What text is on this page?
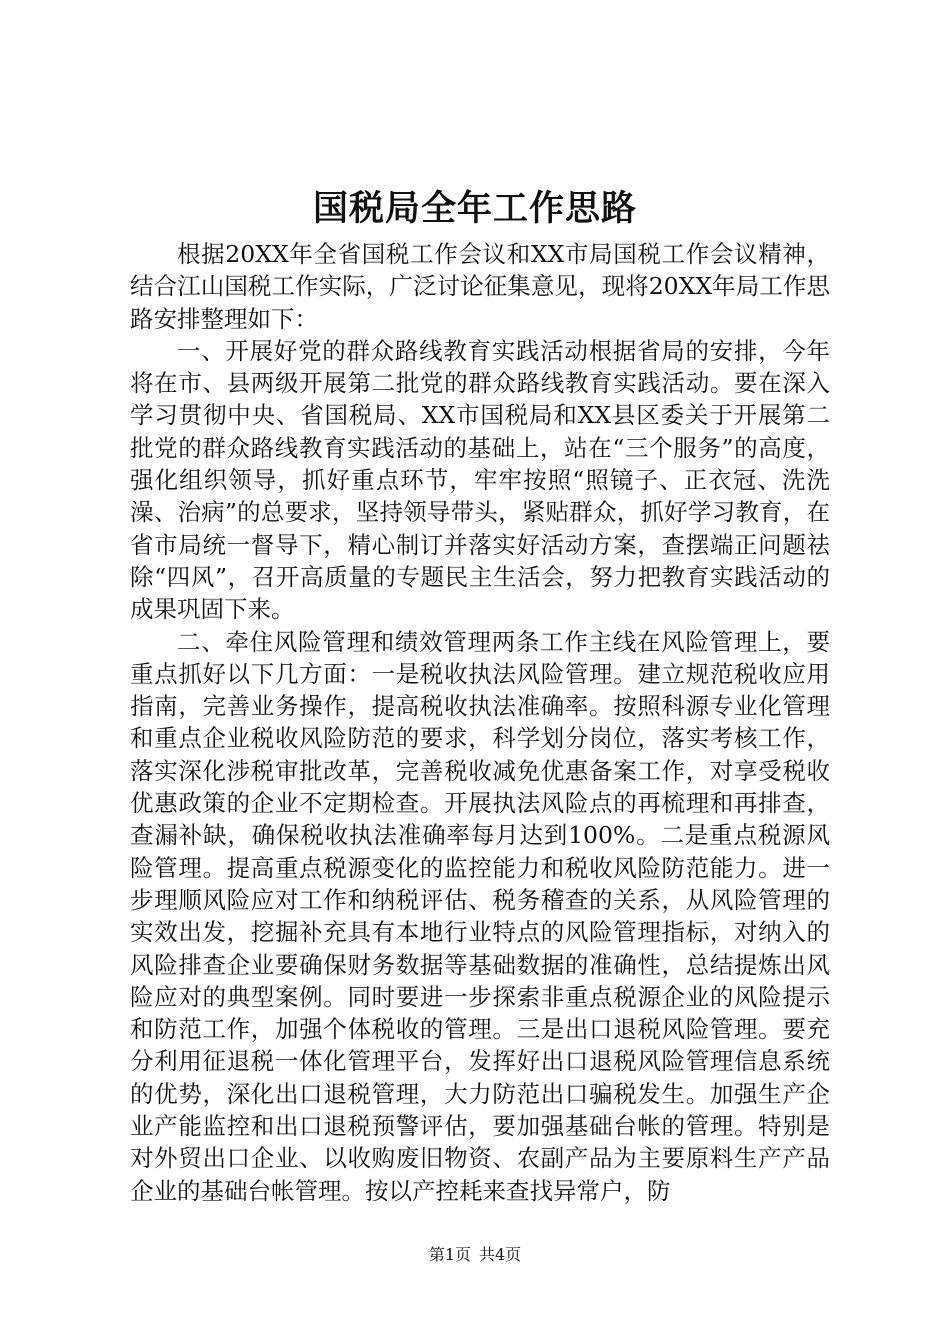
国税局全年工作思路

根据20XX年全省国税工作会议和XX市局国税工作会议精神，结合江山国税工作实际，广泛讨论征集意见，现将20XX年局工作思路安排整理如下：

一、开展好党的群众路线教育实践活动根据省局的安排，今年将在市、县两级开展第二批党的群众路线教育实践活动。要在深入学习贯彻中央、省国税局、XX市国税局和XX县区委关于开展第二批党的群众路线教育实践活动的基础上，站在“三个服务”的高度，强化组织领导，抓好重点环节，牢牢按照“照镜子、正衣冠、洗洗澡、治病”的总要求，坚持领导带头，紧贴群众，抓好学习教育，在省市局统一督导下，精心制订并落实好活动方案，查摆端正问题祛除“四风”，召开高质量的专题民主生活会，努力把教育实践活动的成果巩固下来。

二、牵住风险管理和绩效管理两条工作主线在风险管理上，要重点抓好以下几方面：一是税收执法风险管理。建立规范税收应用指南，完善业务操作，提高税收执法准确率。按照科源专业化管理和重点企业税收风险防范的要求，科学划分岗位，落实考核工作，落实深化涉税审批改革，完善税收减免优惠备案工作，对享受税收优惠政策的企业不定期检查。开展执法风险点的再梳理和再排查，查漏补缺，确保税收执法准确率每月达到100%。二是重点税源风险管理。提高重点税源变化的监控能力和税收风险防范能力。进一步理顺风险应对工作和纳税评估、税务稽查的关系，从风险管理的实效出发，挖掘补充具有本地行业特点的风险管理指标，对纳入的风险排查企业要确保财务数据等基础数据的准确性，总结提炼出风险应对的典型案例。同时要进一步探索非重点税源企业的风险提示和防范工作，加强个体税收的管理。三是出口退税风险管理。要充分利用征退税一体化管理平台，发挥好出口退税风险管理信息系统的优势，深化出口退税管理，大力防范出口骗税发生。加强生产企业产能监控和出口退税预警评估，要加强基础台帐的管理。特别是对外贸出口企业、以收购废旧物资、农副产品为主要原料生产产品企业的基础台帐管理。按以产控耗来查找异常户，防

第1页 共4页
